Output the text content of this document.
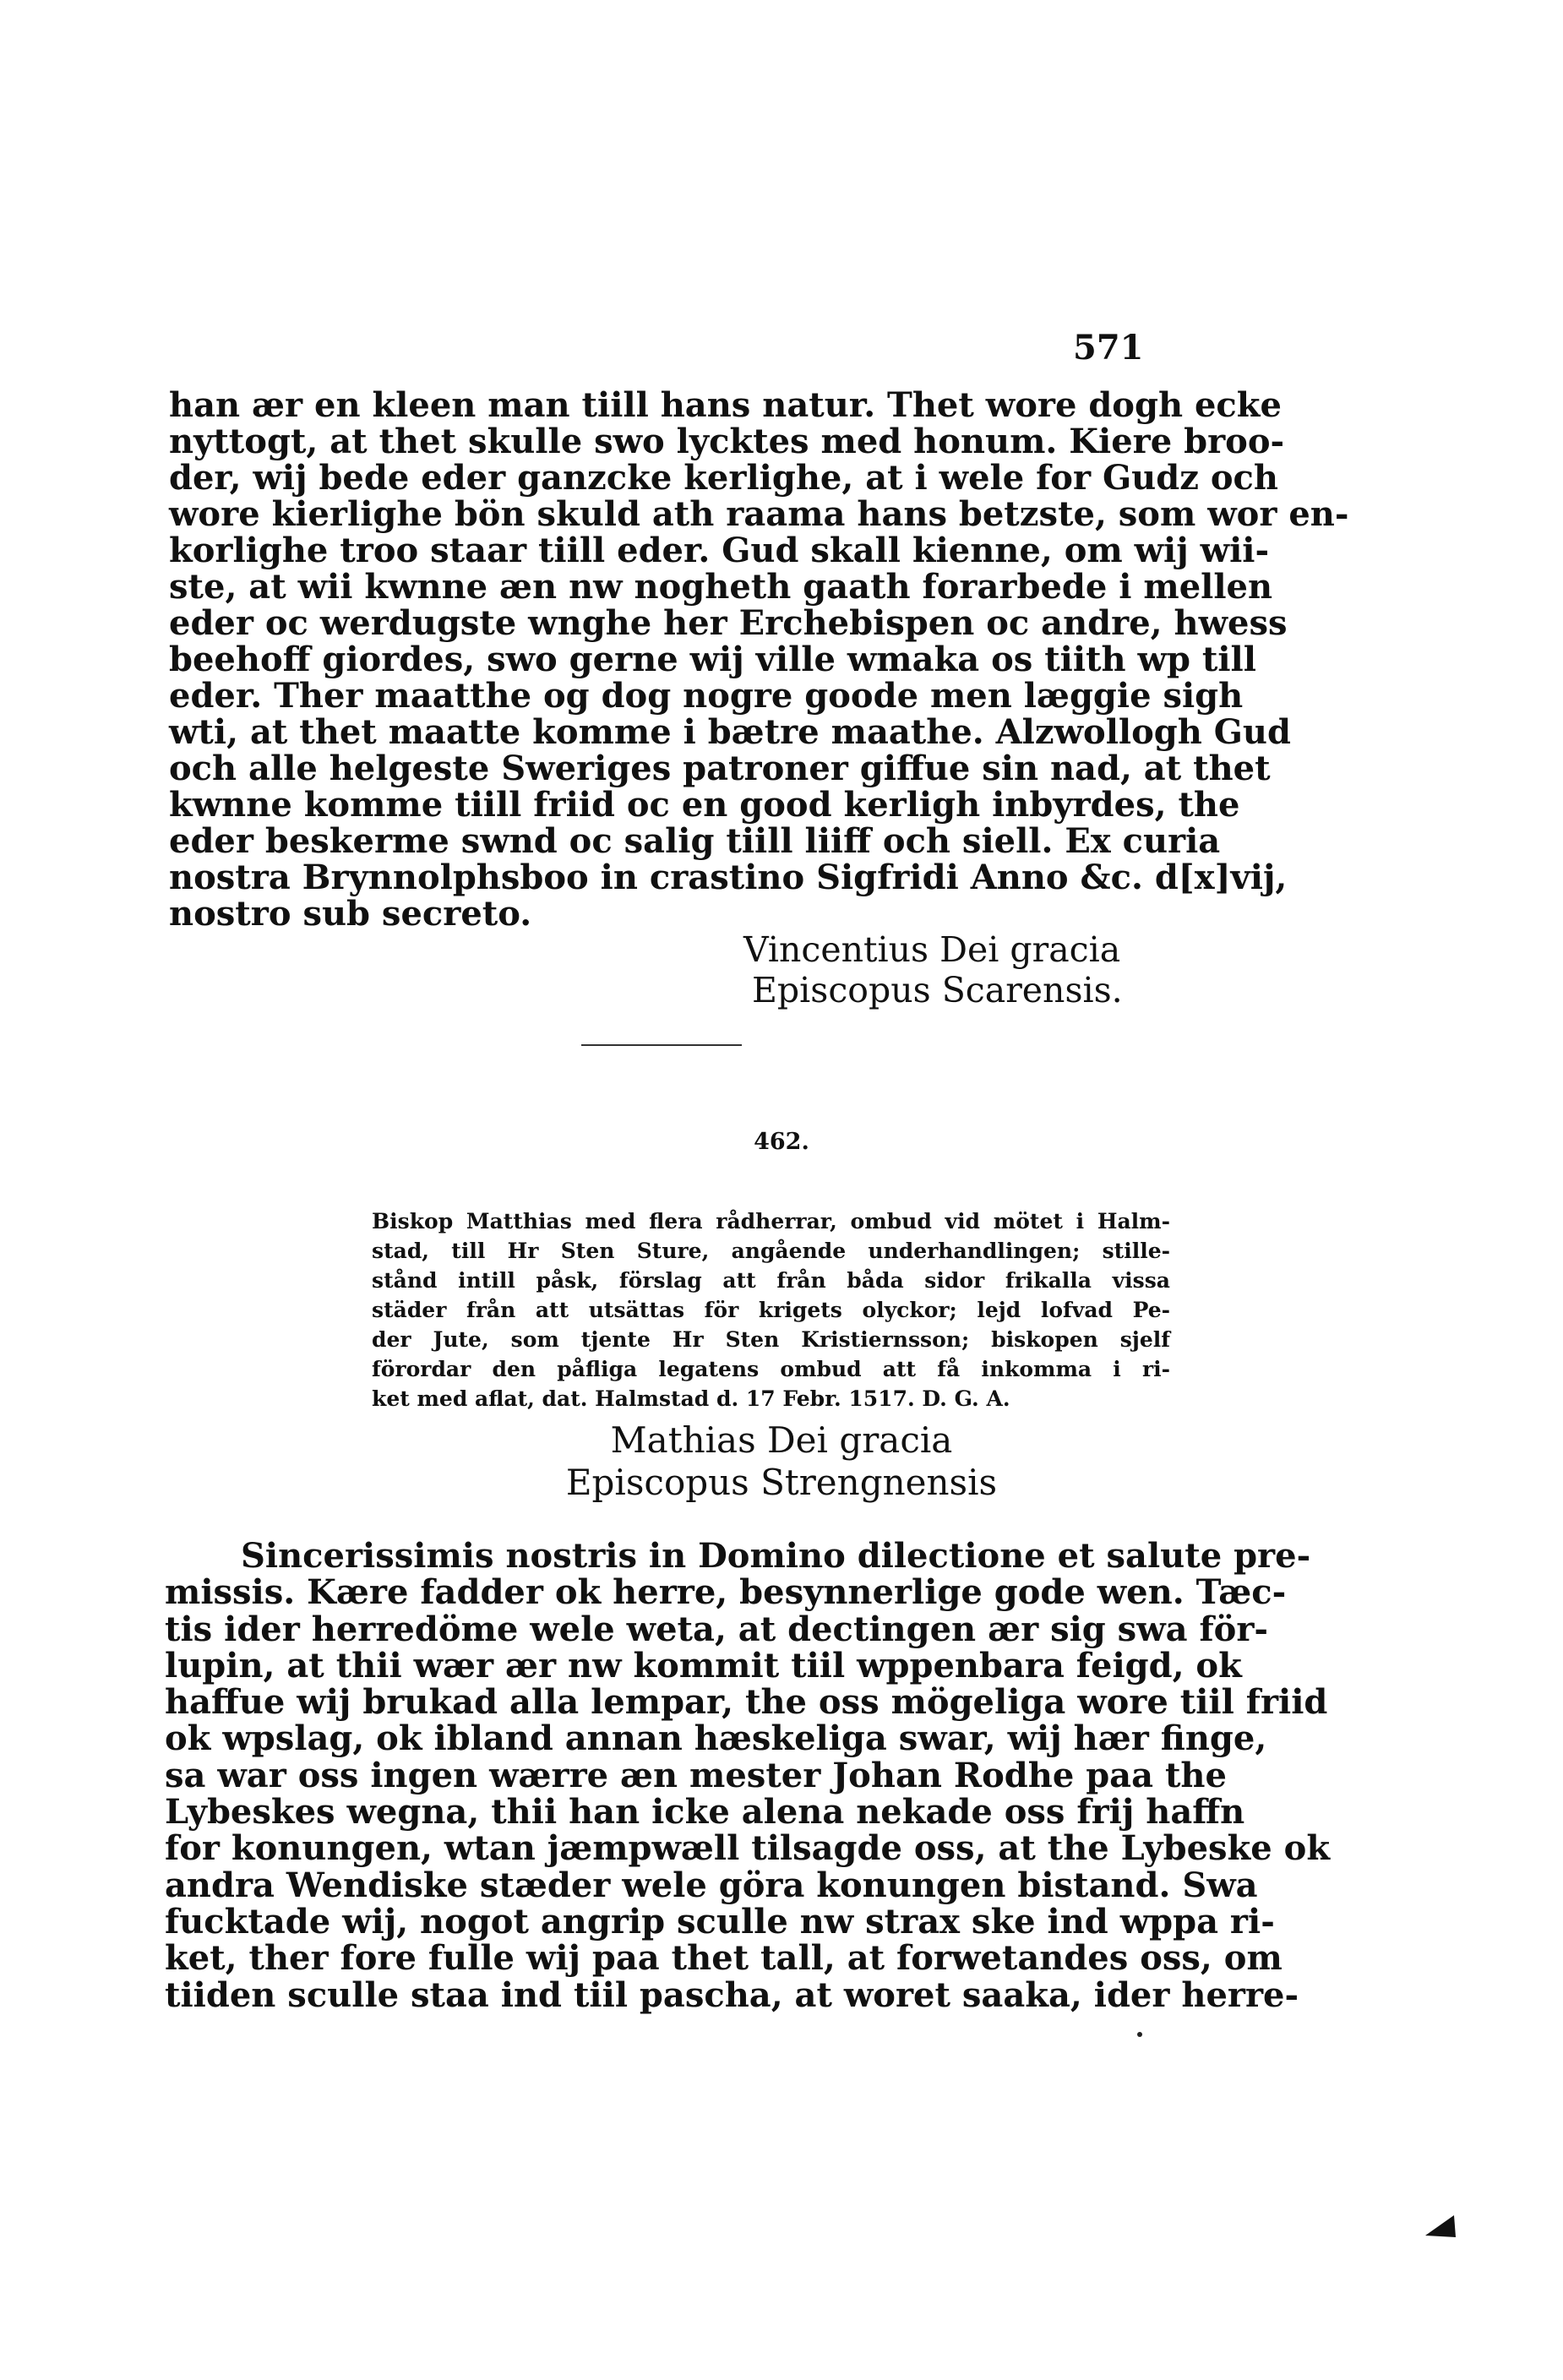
571
han ær en kleen man tiill hans natur. Thet wore dogh ecke
nyttogt, at thet skulle swo lycktes med honum. Kiere broo-
der, wij bede eder ganzcke kerlighe, at i wele for Gudz och
wore kierlighe bön skuld ath raama hans betzste, som wor en-
korlighe troo staar tiill eder. Gud skall kienne, om wij wii-
ste, at wii kwnne æn nw nogheth gaath forarbede i mellen
eder oc werdugste wnghe her Erchebispen oc andre, hwess
beehoff giordes, swo gerne wij ville wmaka os tiith wp till
eder. Ther maatthe og dog nogre goode men læggie sigh
wti, at thet maatte komme i bætre maathe. Alzwollogh Gud
och alle helgeste Sweriges patroner giffue sin nad, at thet
kwnne komme tiill friid oc en good kerligh inbyrdes, the
eder beskerme swnd oc salig tiill liiff och siell. Ex curia
nostra Brynnolphsboo in crastino Sigfridi Anno &c. d[x]vij,
nostro sub secreto.
Vincentius Dei gracia
Episcopus Scarensis.
462.
Biskop Matthias med flera rådherrar, ombud vid mötet i Halm-
stad, till Hr Sten Sture, angående underhandlingen; stille-
stånd intill påsk, förslag att från båda sidor frikalla vissa
städer från att utsättas för krigets olyckor; lejd lofvad Pe-
der Jute, som tjente Hr Sten Kristiernsson; biskopen sjelf
förordar den påfliga legatens ombud att få inkomma i ri-
ket med aflat, dat. Halmstad d. 17 Febr. 1517. D. G. A.
Mathias Dei gracia
Episcopus Strengnensis
Sincerissimis nostris in Domino dilectione et salute pre-
missis. Kære fadder ok herre, besynnerlige gode wen. Tæc-
tis ider herredöme wele weta, at dectingen ær sig swa för-
lupin, at thii wær ær nw kommit tiil wppenbara feigd, ok
haffue wij brukad alla lempar, the oss mögeliga wore tiil friid
ok wpslag, ok ibland annan hæskeliga swar, wij hær finge,
sa war oss ingen wærre æn mester Johan Rodhe paa the
Lybeskes wegna, thii han icke alena nekade oss frij haffn
for konungen, wtan jæmpwæll tilsagde oss, at the Lybeske ok
andra Wendiske stæder wele göra konungen bistand. Swa
fucktade wij, nogot angrip sculle nw strax ske ind wppa ri-
ket, ther fore fulle wij paa thet tall, at forwetandes oss, om
tiiden sculle staa ind tiil pascha, at woret saaka, ider herre-
